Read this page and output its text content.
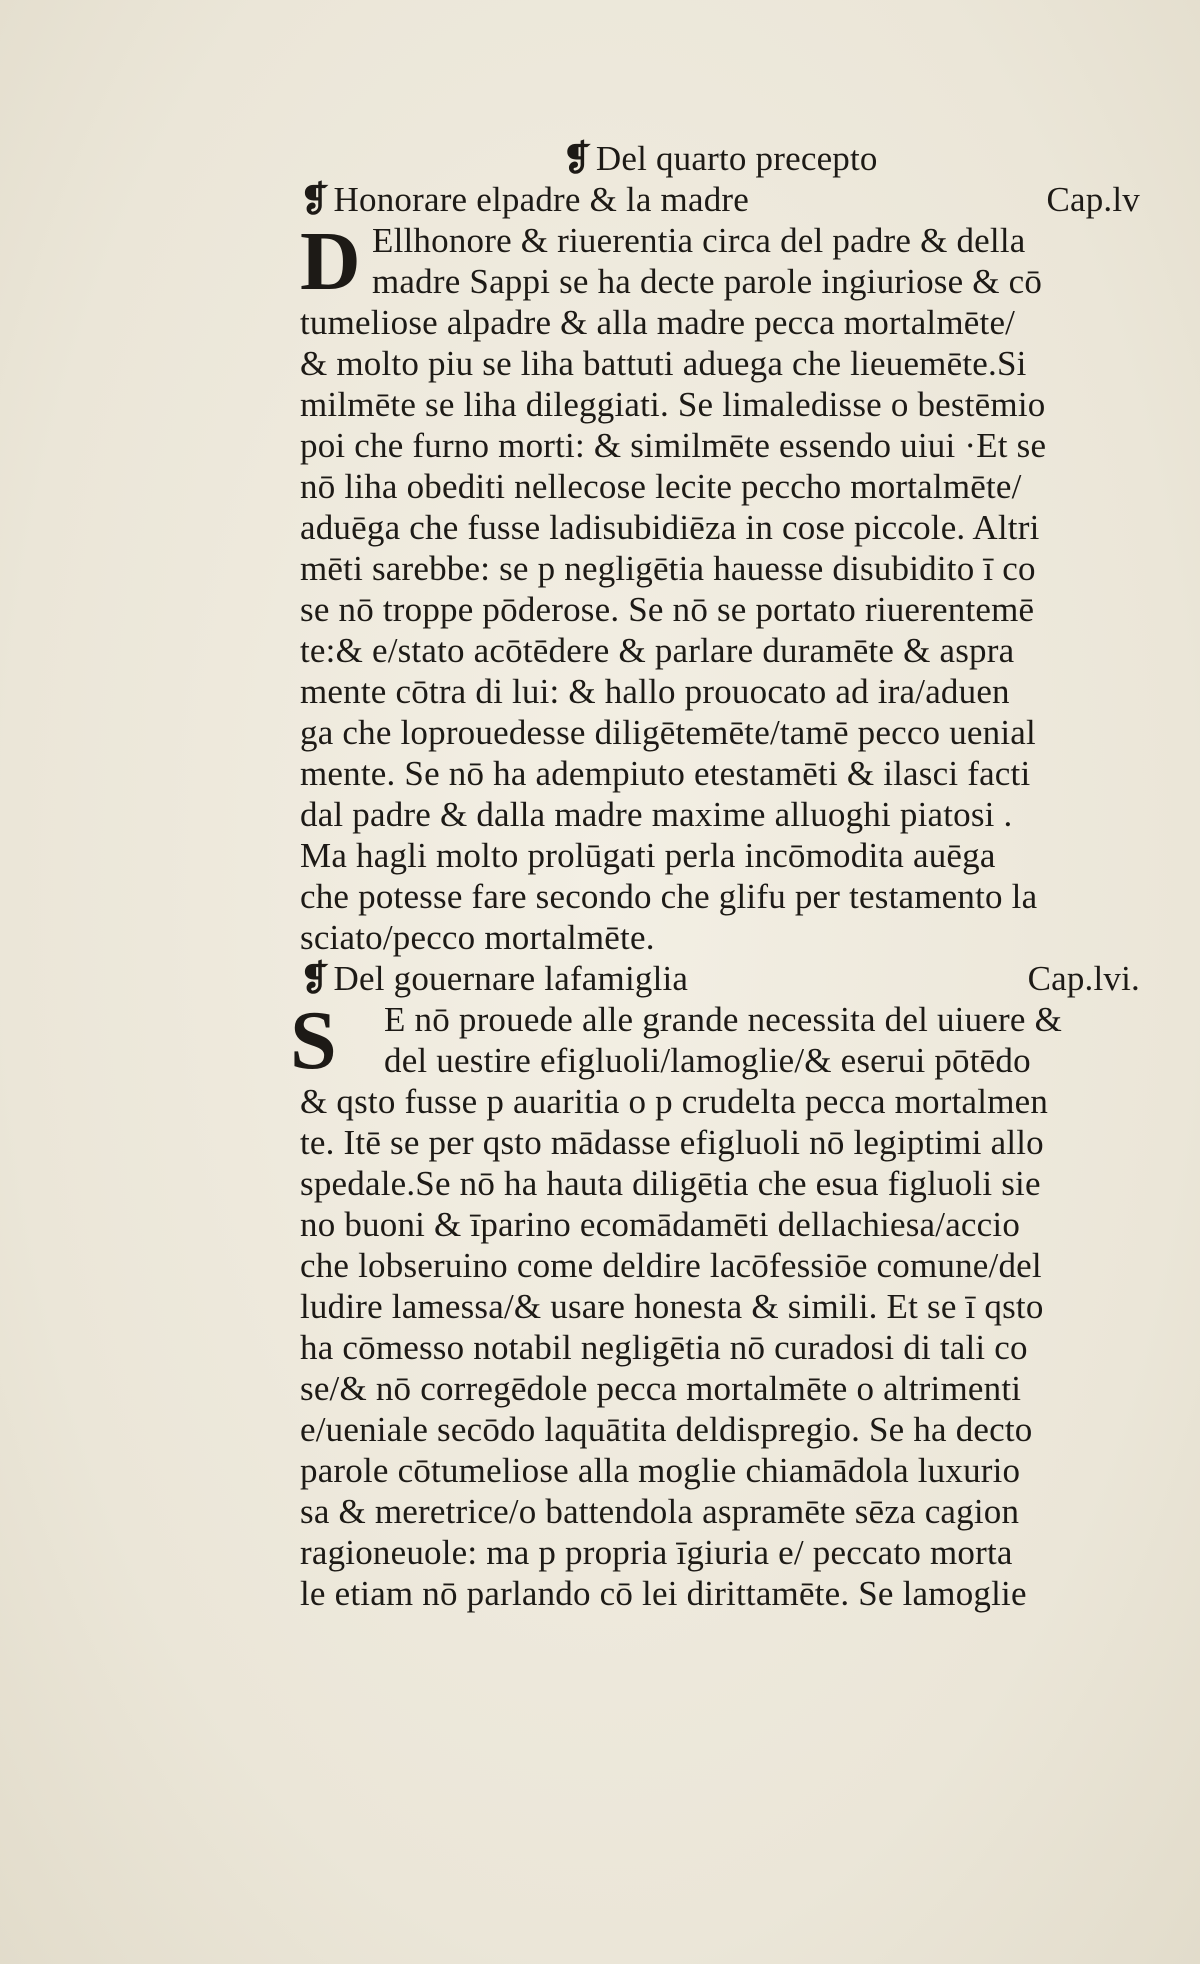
❡ Del quarto precepto
❡ Honorare elpadre & la madre	Cap.lv
D Ellhonore & riuerentia circa del padre & della
madre Sappi se ha decte parole ingiuriose & cō
tumeliose alpadre & alla madre pecca mortalmēte/
& molto piu se liha battuti aduega che lieuemēte.Si
milmēte se liha dileggiati. Se limaledisse o bestēmio
poi che furno morti: & similmēte essendo uiui ·Et se
nō liha obediti nellecose lecite peccho mortalmēte/
aduēga che fusse ladisubidiēza in cose piccole. Altri
mēti sarebbe: se p negligētia hauesse disubidito ī co
se nō troppe pōderose. Se nō se portato riuerentemē
te:& e/stato acōtēdere & parlare duramēte & aspra
mente cōtra di lui: & hallo prouocato ad ira/aduen
ga che loprouedesse diligētemēte/tamē pecco uenial
mente. Se nō ha adempiuto etestamēti & ilasci facti
dal padre & dalla madre maxime alluoghi piatosi .
Ma hagli molto prolūgati perla incōmodita auēga
che potesse fare secondo che glifu per testamento la
sciato/pecco mortalmēte.
❡ Del gouernare lafamiglia	Cap.lvi.
S	E nō prouede alle grande necessita del uiuere &
del uestire efigluoli/lamoglie/& eserui pōtēdo
& qsto fusse p auaritia o p crudelta pecca mortalmen
te. Itē se per qsto mādasse efigluoli nō legiptimi allo
spedale.Se nō ha hauta diligētia che esua figluoli sie
no buoni & īparino ecomādamēti dellachiesa/accio
che lobseruino come deldire lacōfessiōe comune/del
ludire lamessa/& usare honesta & simili. Et se ī qsto
ha cōmesso notabil negligētia nō curadosi di tali co
se/& nō corregēdole pecca mortalmēte o altrimenti
e/ueniale secōdo laquātita deldispregio. Se ha decto
parole cōtumeliose alla moglie chiamādola luxurio
sa & meretrice/o battendola aspramēte sēza cagion
ragioneuole: ma p propria īgiuria e/ peccato morta
le etiam nō parlando cō lei dirittamēte. Se lamoglie
